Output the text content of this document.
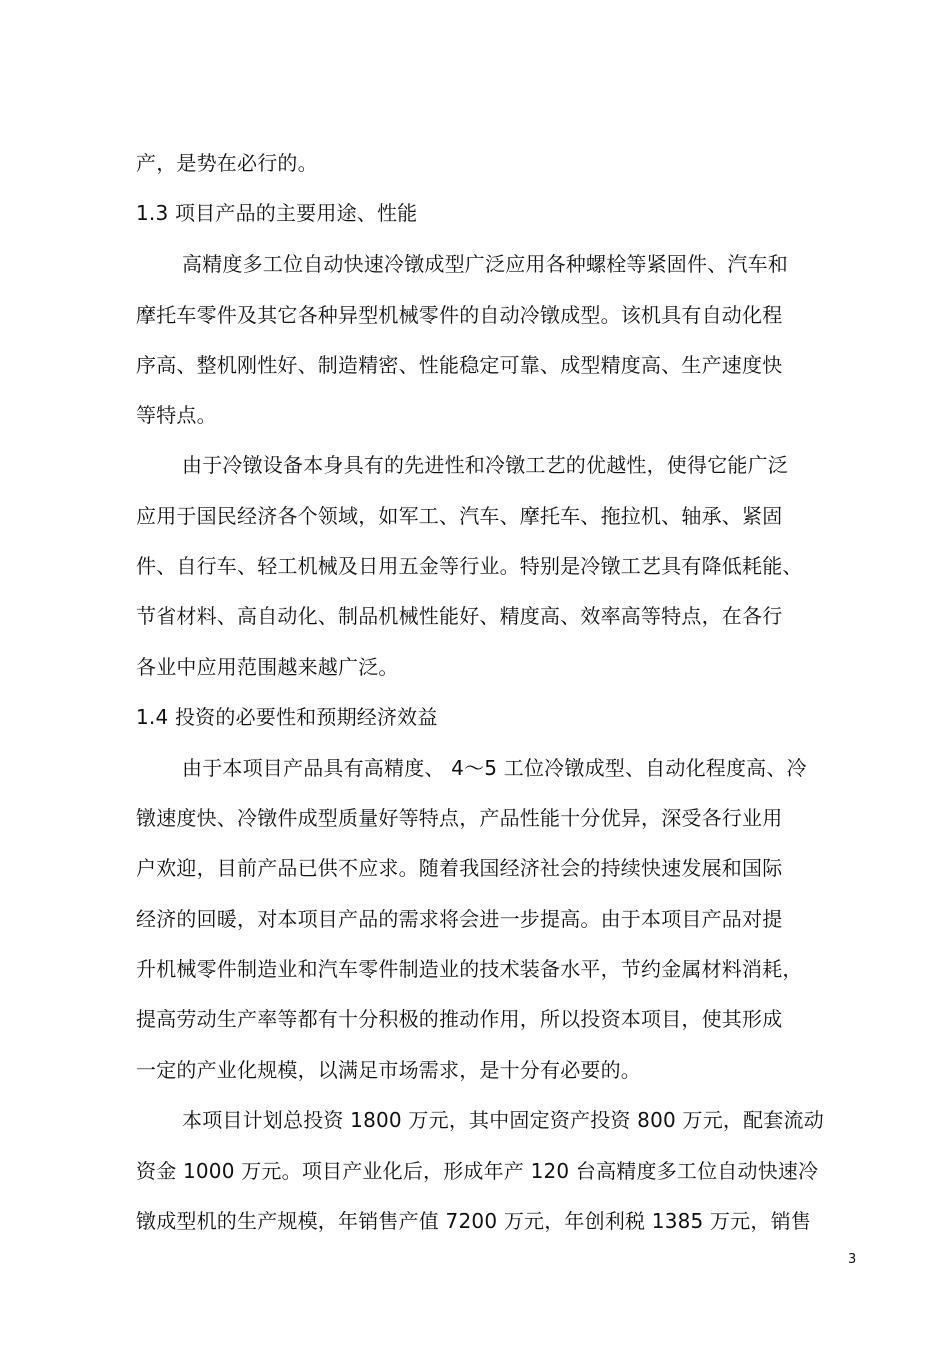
产，是势在必行的。
1.3 项目产品的主要用途、性能
高精度多工位自动快速冷镦成型广泛应用各种螺栓等紧固件、汽车和
摩托车零件及其它各种异型机械零件的自动冷镦成型。该机具有自动化程
序高、整机刚性好、制造精密、性能稳定可靠、成型精度高、生产速度快
等特点。
由于冷镦设备本身具有的先进性和冷镦工艺的优越性，使得它能广泛
应用于国民经济各个领域，如军工、汽车、摩托车、拖拉机、轴承、紧固
件、自行车、轻工机械及日用五金等行业。特别是冷镦工艺具有降低耗能、
节省材料、高自动化、制品机械性能好、精度高、效率高等特点，在各行
各业中应用范围越来越广泛。
1.4 投资的必要性和预期经济效益
由于本项目产品具有高精度、 4～5 工位冷镦成型、自动化程度高、冷
镦速度快、冷镦件成型质量好等特点，产品性能十分优异，深受各行业用
户欢迎，目前产品已供不应求。随着我国经济社会的持续快速发展和国际
经济的回暖，对本项目产品的需求将会进一步提高。由于本项目产品对提
升机械零件制造业和汽车零件制造业的技术装备水平，节约金属材料消耗，
提高劳动生产率等都有十分积极的推动作用，所以投资本项目，使其形成
一定的产业化规模，以满足市场需求，是十分有必要的。
本项目计划总投资 1800 万元，其中固定资产投资 800 万元，配套流动
资金 1000 万元。项目产业化后，形成年产 120 台高精度多工位自动快速冷
镦成型机的生产规模，年销售产值 7200 万元，年创利税 1385 万元，销售
3
